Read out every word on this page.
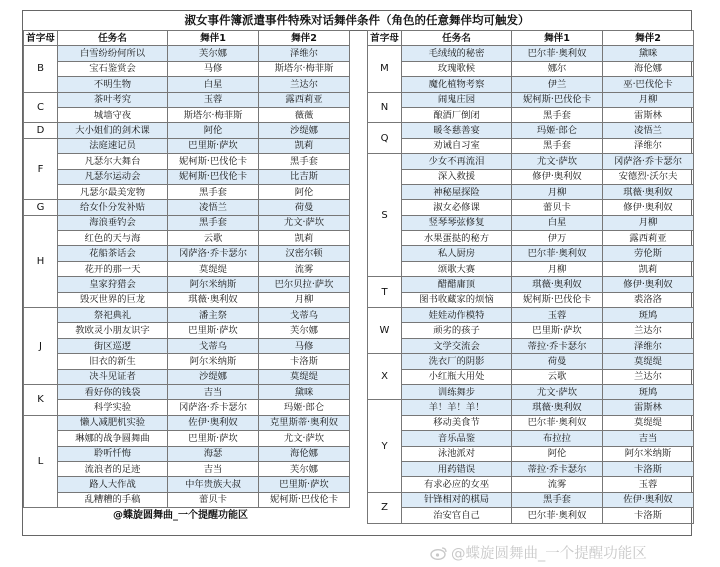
淑女事件簿派遣事件特殊对话舞伴条件（角色的任意舞伴均可触发）
首字母	任务名	舞伴1	舞伴2
B	白雪纷纷何所以	芙尔娜	泽维尔
	宝石鉴赏会	马修	斯塔尔·梅菲斯
	不明生物	白星	兰达尔
C	茶叶考究	玉蓉	露西莉亚
	城墙守夜	斯塔尔·梅菲斯	薇薇
D	大小姐们的剑术课	阿伦	沙缇娜
F	法庭速记员	巴里斯·萨坎	凯莉
	凡瑟尔大舞台	妮柯斯·巴伐伦卡	黑手套
	凡瑟尔运动会	妮柯斯·巴伐伦卡	比吉斯
	凡瑟尔最美宠物	黑手套	阿伦
G	给女仆分发补贴	凌悟兰	荷曼
H	海浪垂钓会	黑手套	尤文·萨坎
	红色的天与海	云歌	凯莉
	花船茶话会	冈萨洛·乔卡瑟尔	汉密尔顿
	花开的那一天	莫缇缇	流雾
	皇家狩猎会	阿尔米纳斯	巴尔贝拉·萨坎
	毁灭世界的巨龙	琪薇·奥利奴	月柳
J	祭祀典礼	潘主祭	戈蒂乌
	教欧灵小朋友识字	巴里斯·萨坎	芙尔娜
	街区巡逻	戈蒂乌	马修
	旧衣的新生	阿尔米纳斯	卡洛斯
	决斗见证者	沙缇娜	莫缇缇
K	看好你的钱袋	吉当	黛咪
	科学实验	冈萨洛·乔卡瑟尔	玛姬·郎仑
L	懒人减肥机实验	佐伊·奥利奴	克里斯蒂·奥利奴
	琳娜的战争圆舞曲	巴里斯·萨坎	尤文·萨坎
	聆听忏悔	海瑟	海伦娜
	流浪者的足迹	吉当	芙尔娜
	路人大作战	中年贵族大叔	巴里斯·萨坎
	乱糟糟的手稿	蕾贝卡	妮柯斯·巴伐伦卡
首字母	任务名	舞伴1	舞伴2
M	毛绒绒的秘密	巴尔菲·奥利奴	黛咪
	玫瑰歌候	娜尔	海伦娜
	魔化植物考察	伊兰	巫·巴伐伦卡
N	闹鬼庄园	妮柯斯·巴伐伦卡	月柳
	酿酒厂倒闭	黑手套	雷斯林
Q	暖冬慈善宴	玛姬·郎仑	凌悟兰
	劝诫自习室	黑手套	泽维尔
S	少女不再流泪	尤文·萨坎	冈萨洛·乔卡瑟尔
	深入救援	修伊·奥利奴	安德烈·沃尔夫
	神秘屋探险	月柳	琪薇·奥利奴
	淑女必修课	蕾贝卡	修伊·奥利奴
	竖琴琴弦修复	白星	月柳
	水果蛋挞的秘方	伊万	露西莉亚
	私人厨房	巴尔菲·奥利奴	劳伦斯
	颂歌大赛	月柳	凯莉
T	醋醋庸顶	琪薇·奥利奴	修伊·奥利奴
	图书收藏家的烦恼	妮柯斯·巴伐伦卡	裘洛洛
W	娃娃动作模特	玉蓉	斑鸠
	顽劣的孩子	巴里斯·萨坎	兰达尔
	文学交流会	蒂拉·乔卡瑟尔	泽维尔
X	洗衣厂的阴影	荷曼	莫缇缇
	小红瓶大用处	云歌	兰达尔
	训练舞步	尤文·萨坎	斑鸠
Y	羊！羊！羊！	琪薇·奥利奴	雷斯林
	移动美食节	巴尔菲·奥利奴	莫缇缇
	音乐品鉴	布拉拉	吉当
	泳池派对	阿伦	阿尔米纳斯
	用药错误	蒂拉·乔卡瑟尔	卡洛斯
	有求必应的女巫	流雾	玉蓉
Z	针锋相对的棋局	黑手套	佐伊·奥利奴
	治安官自己	巴尔菲·奥利奴	卡洛斯
@蝶旋圆舞曲_一个提醒功能区
@蝶旋圆舞曲_一个提醒功能区
